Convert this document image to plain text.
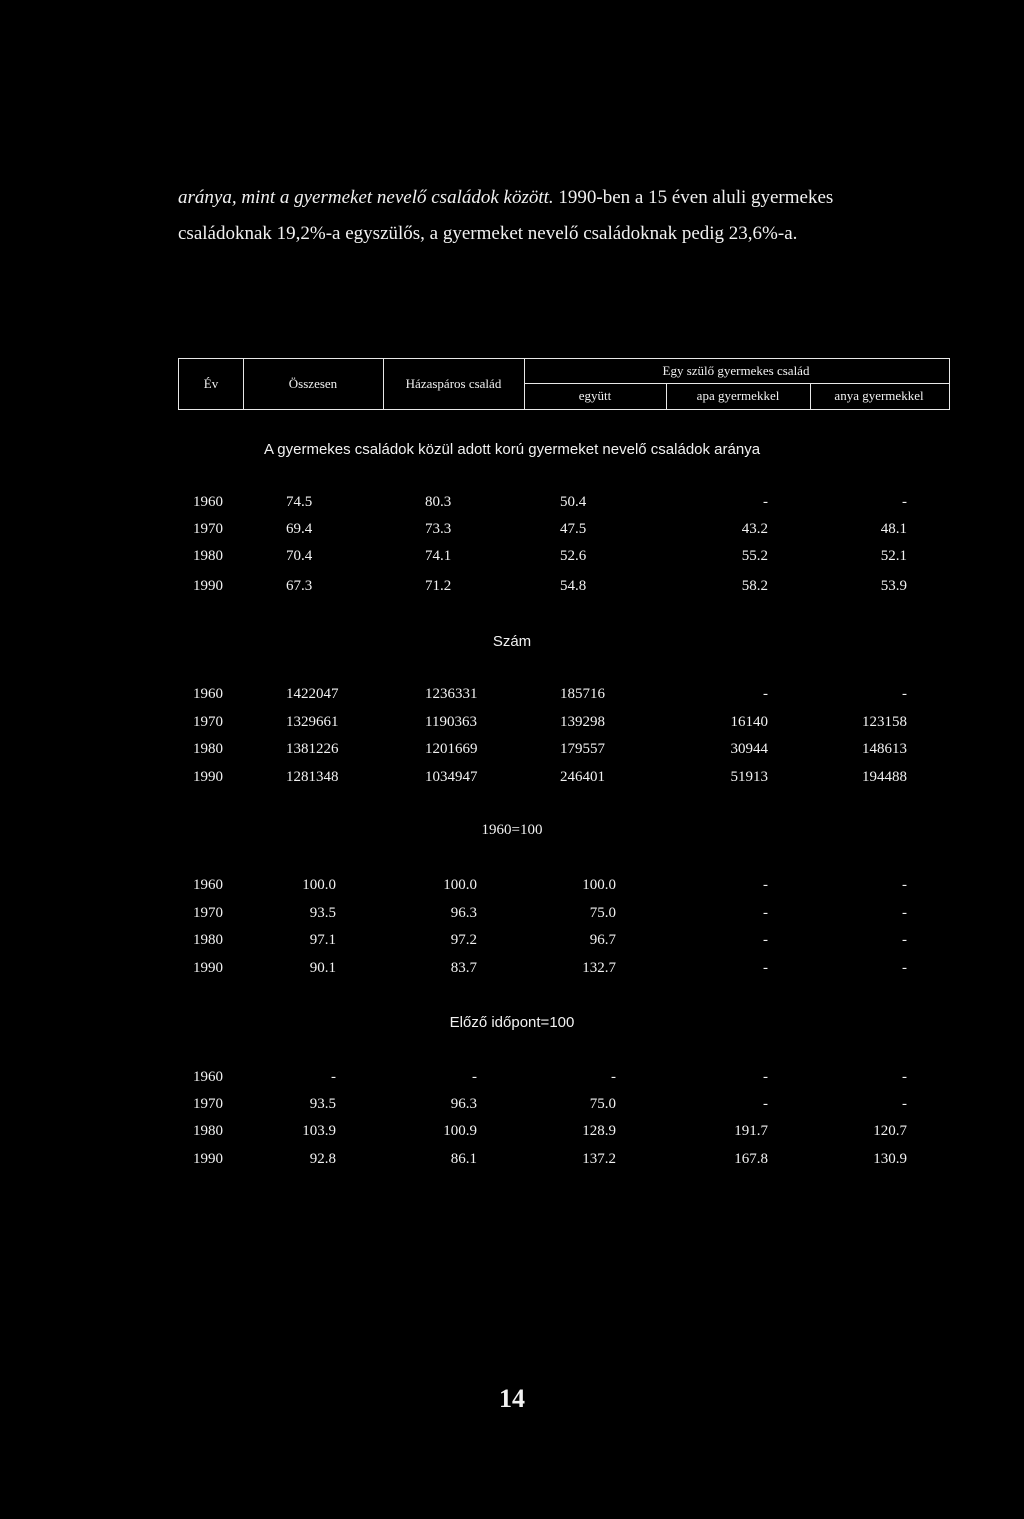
aránya, mint a gyermeket nevelő családok között. 1990-ben a 15 éven aluli gyermekes
családoknak 19,2%-a egyszülős, a gyermeket nevelő családoknak pedig 23,6%-a.
Év	Összesen	Házaspáros család
Egy szülő gyermekes család
együtt	apa gyermekkel	anya gyermekkel
A gyermekes családok közül adott korú gyermeket nevelő családok aránya
1960	74.5	80.3	50.4	-	-
1970	69.4	73.3	47.5	43.2	48.1
1980	70.4	74.1	52.6	55.2	52.1
1990	67.3	71.2	54.8	58.2	53.9
Szám
1960	1422047	1236331	185716	-	-
1970	1329661	1190363	139298	16140	123158
1980	1381226	1201669	179557	30944	148613
1990	1281348	1034947	246401	51913	194488
1960=100
1960	100.0	100.0	100.0	-	-
1970	93.5	96.3	75.0	-	-
1980	97.1	97.2	96.7	-	-
1990	90.1	83.7	132.7	-	-
Előző időpont=100
1960	-	-	-	-	-
1970	93.5	96.3	75.0	-	-
1980	103.9	100.9	128.9	191.7	120.7
1990	92.8	86.1	137.2	167.8	130.9
14
